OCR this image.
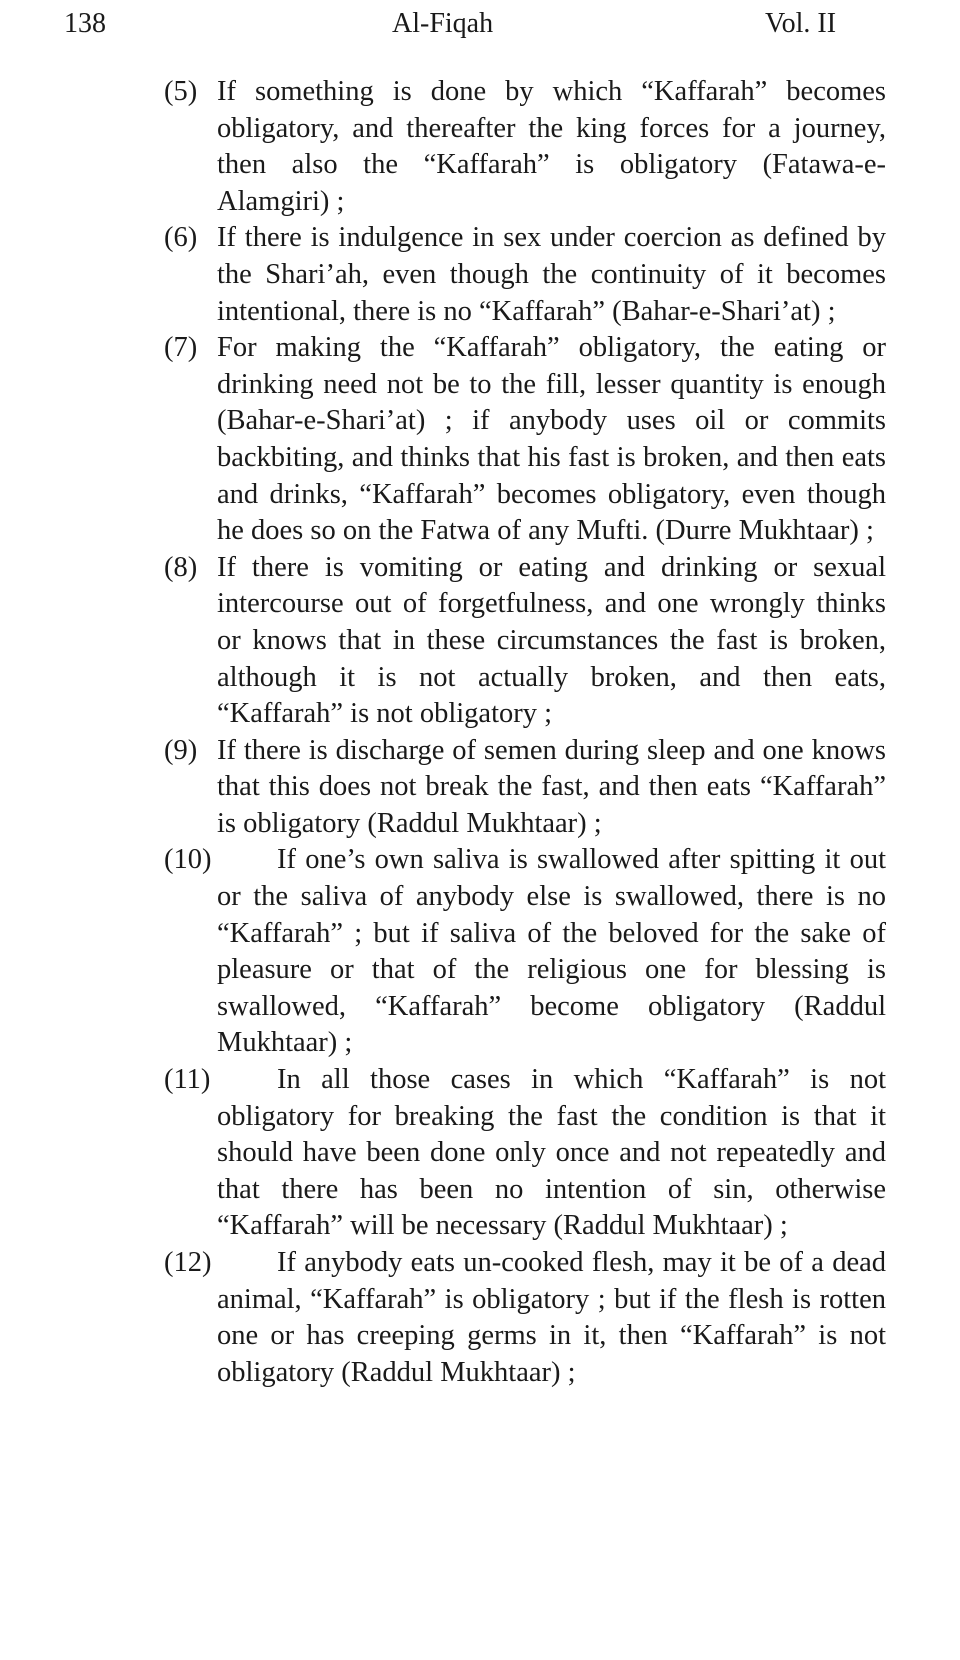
138	Al-Fiqah	Vol. II
(5) If something is done by which “Kaffarah” becomes obligatory, and thereafter the king forces for a journey, then also the “Kaffarah” is obligatory (Fatawa-e-Alamgiri) ;
(6) If there is indulgence in sex under coercion as defined by the Shari’ah, even though the continuity of it becomes intentional, there is no “Kaffarah” (Bahar-e-Shari’at) ;
(7) For making the “Kaffarah” obligatory, the eating or drinking need not be to the fill, lesser quantity is enough (Bahar-e-Shari’at) ; if anybody uses oil or commits backbiting, and thinks that his fast is broken, and then eats and drinks, “Kaffarah” becomes obligatory, even though he does so on the Fatwa of any Mufti. (Durre Mukhtaar) ;
(8) If there is vomiting or eating and drinking or sexual intercourse out of forgetfulness, and one wrongly thinks or knows that in these circumstances the fast is broken, although it is not actually broken, and then eats, “Kaffarah” is not obligatory ;
(9) If there is discharge of semen during sleep and one knows that this does not break the fast, and then eats “Kaffarah” is obligatory (Raddul Mukhtaar) ;
(10)	If one’s own saliva is swallowed after spitting it out or the saliva of anybody else is swallowed, there is no “Kaffarah” ; but if saliva of the beloved for the sake of pleasure or that of the religious one for blessing is swallowed, “Kaffarah” become obligatory (Raddul Mukhtaar) ;
(11)	In all those cases in which “Kaffarah” is not obligatory for breaking the fast the condition is that it should have been done only once and not repeatedly and that there has been no intention of sin, otherwise “Kaffarah” will be necessary (Raddul Mukhtaar) ;
(12)	If anybody eats un-cooked flesh, may it be of a dead animal, “Kaffarah” is obligatory ; but if the flesh is rotten one or has creeping germs in it, then “Kaffarah” is not obligatory (Raddul Mukhtaar) ;
